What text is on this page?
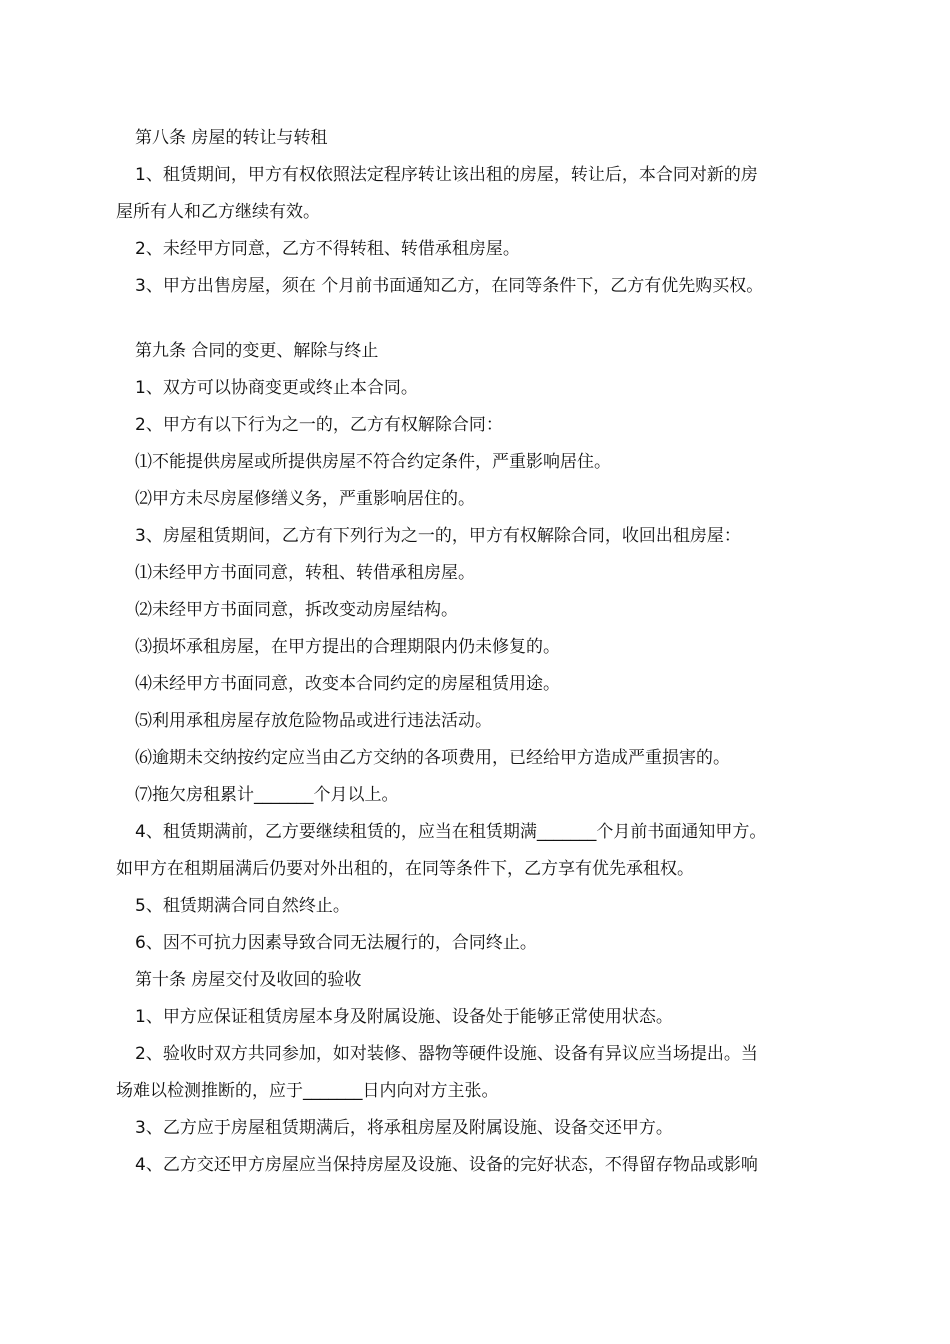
第八条 房屋的转让与转租
1、租赁期间，甲方有权依照法定程序转让该出租的房屋，转让后，本合同对新的房
屋所有人和乙方继续有效。
2、未经甲方同意，乙方不得转租、转借承租房屋。
3、甲方出售房屋，须在 个月前书面通知乙方，在同等条件下，乙方有优先购买权。
第九条 合同的变更、解除与终止
1、双方可以协商变更或终止本合同。
2、甲方有以下行为之一的，乙方有权解除合同：
⑴不能提供房屋或所提供房屋不符合约定条件，严重影响居住。
⑵甲方未尽房屋修缮义务，严重影响居住的。
3、房屋租赁期间，乙方有下列行为之一的，甲方有权解除合同，收回出租房屋：
⑴未经甲方书面同意，转租、转借承租房屋。
⑵未经甲方书面同意，拆改变动房屋结构。
⑶损坏承租房屋，在甲方提出的合理期限内仍未修复的。
⑷未经甲方书面同意，改变本合同约定的房屋租赁用途。
⑸利用承租房屋存放危险物品或进行违法活动。
⑹逾期未交纳按约定应当由乙方交纳的各项费用，已经给甲方造成严重损害的。
⑺拖欠房租累计_______个月以上。
4、租赁期满前，乙方要继续租赁的，应当在租赁期满_______个月前书面通知甲方。
如甲方在租期届满后仍要对外出租的，在同等条件下，乙方享有优先承租权。
5、租赁期满合同自然终止。
6、因不可抗力因素导致合同无法履行的，合同终止。
第十条 房屋交付及收回的验收
1、甲方应保证租赁房屋本身及附属设施、设备处于能够正常使用状态。
2、验收时双方共同参加，如对装修、器物等硬件设施、设备有异议应当场提出。当
场难以检测推断的，应于_______日内向对方主张。
3、乙方应于房屋租赁期满后，将承租房屋及附属设施、设备交还甲方。
4、乙方交还甲方房屋应当保持房屋及设施、设备的完好状态，不得留存物品或影响
